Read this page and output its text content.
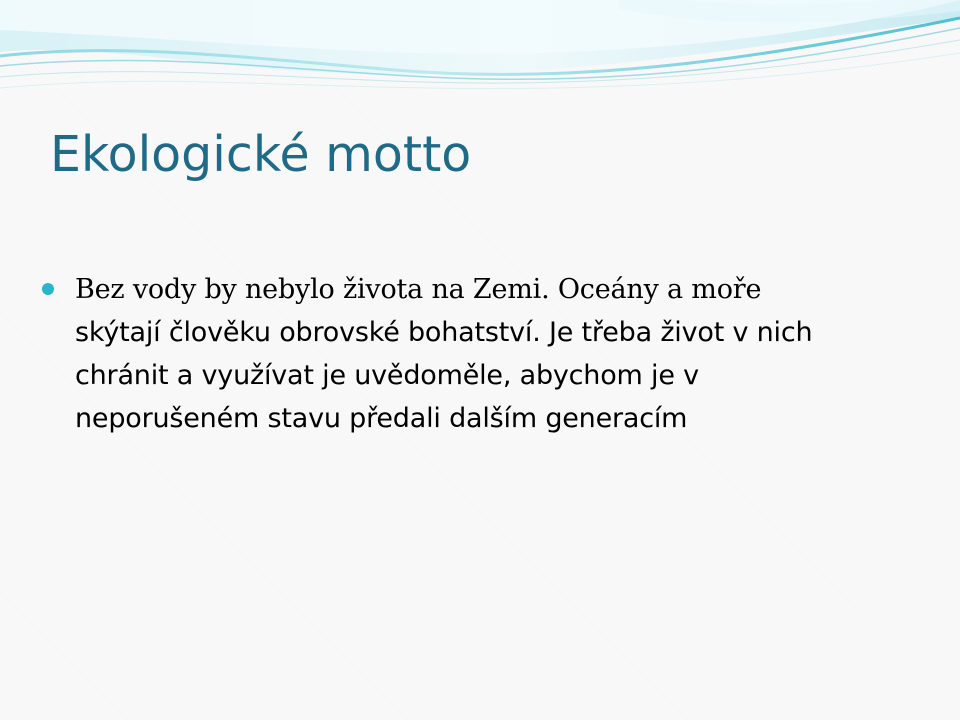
Ekologické motto
Bez vody by nebylo života na Zemi. Oceány a moře
skýtají člověku obrovské bohatství. Je třeba život v nich
chránit a využívat je uvědoměle, abychom je v
neporušeném stavu předali dalším generacím
